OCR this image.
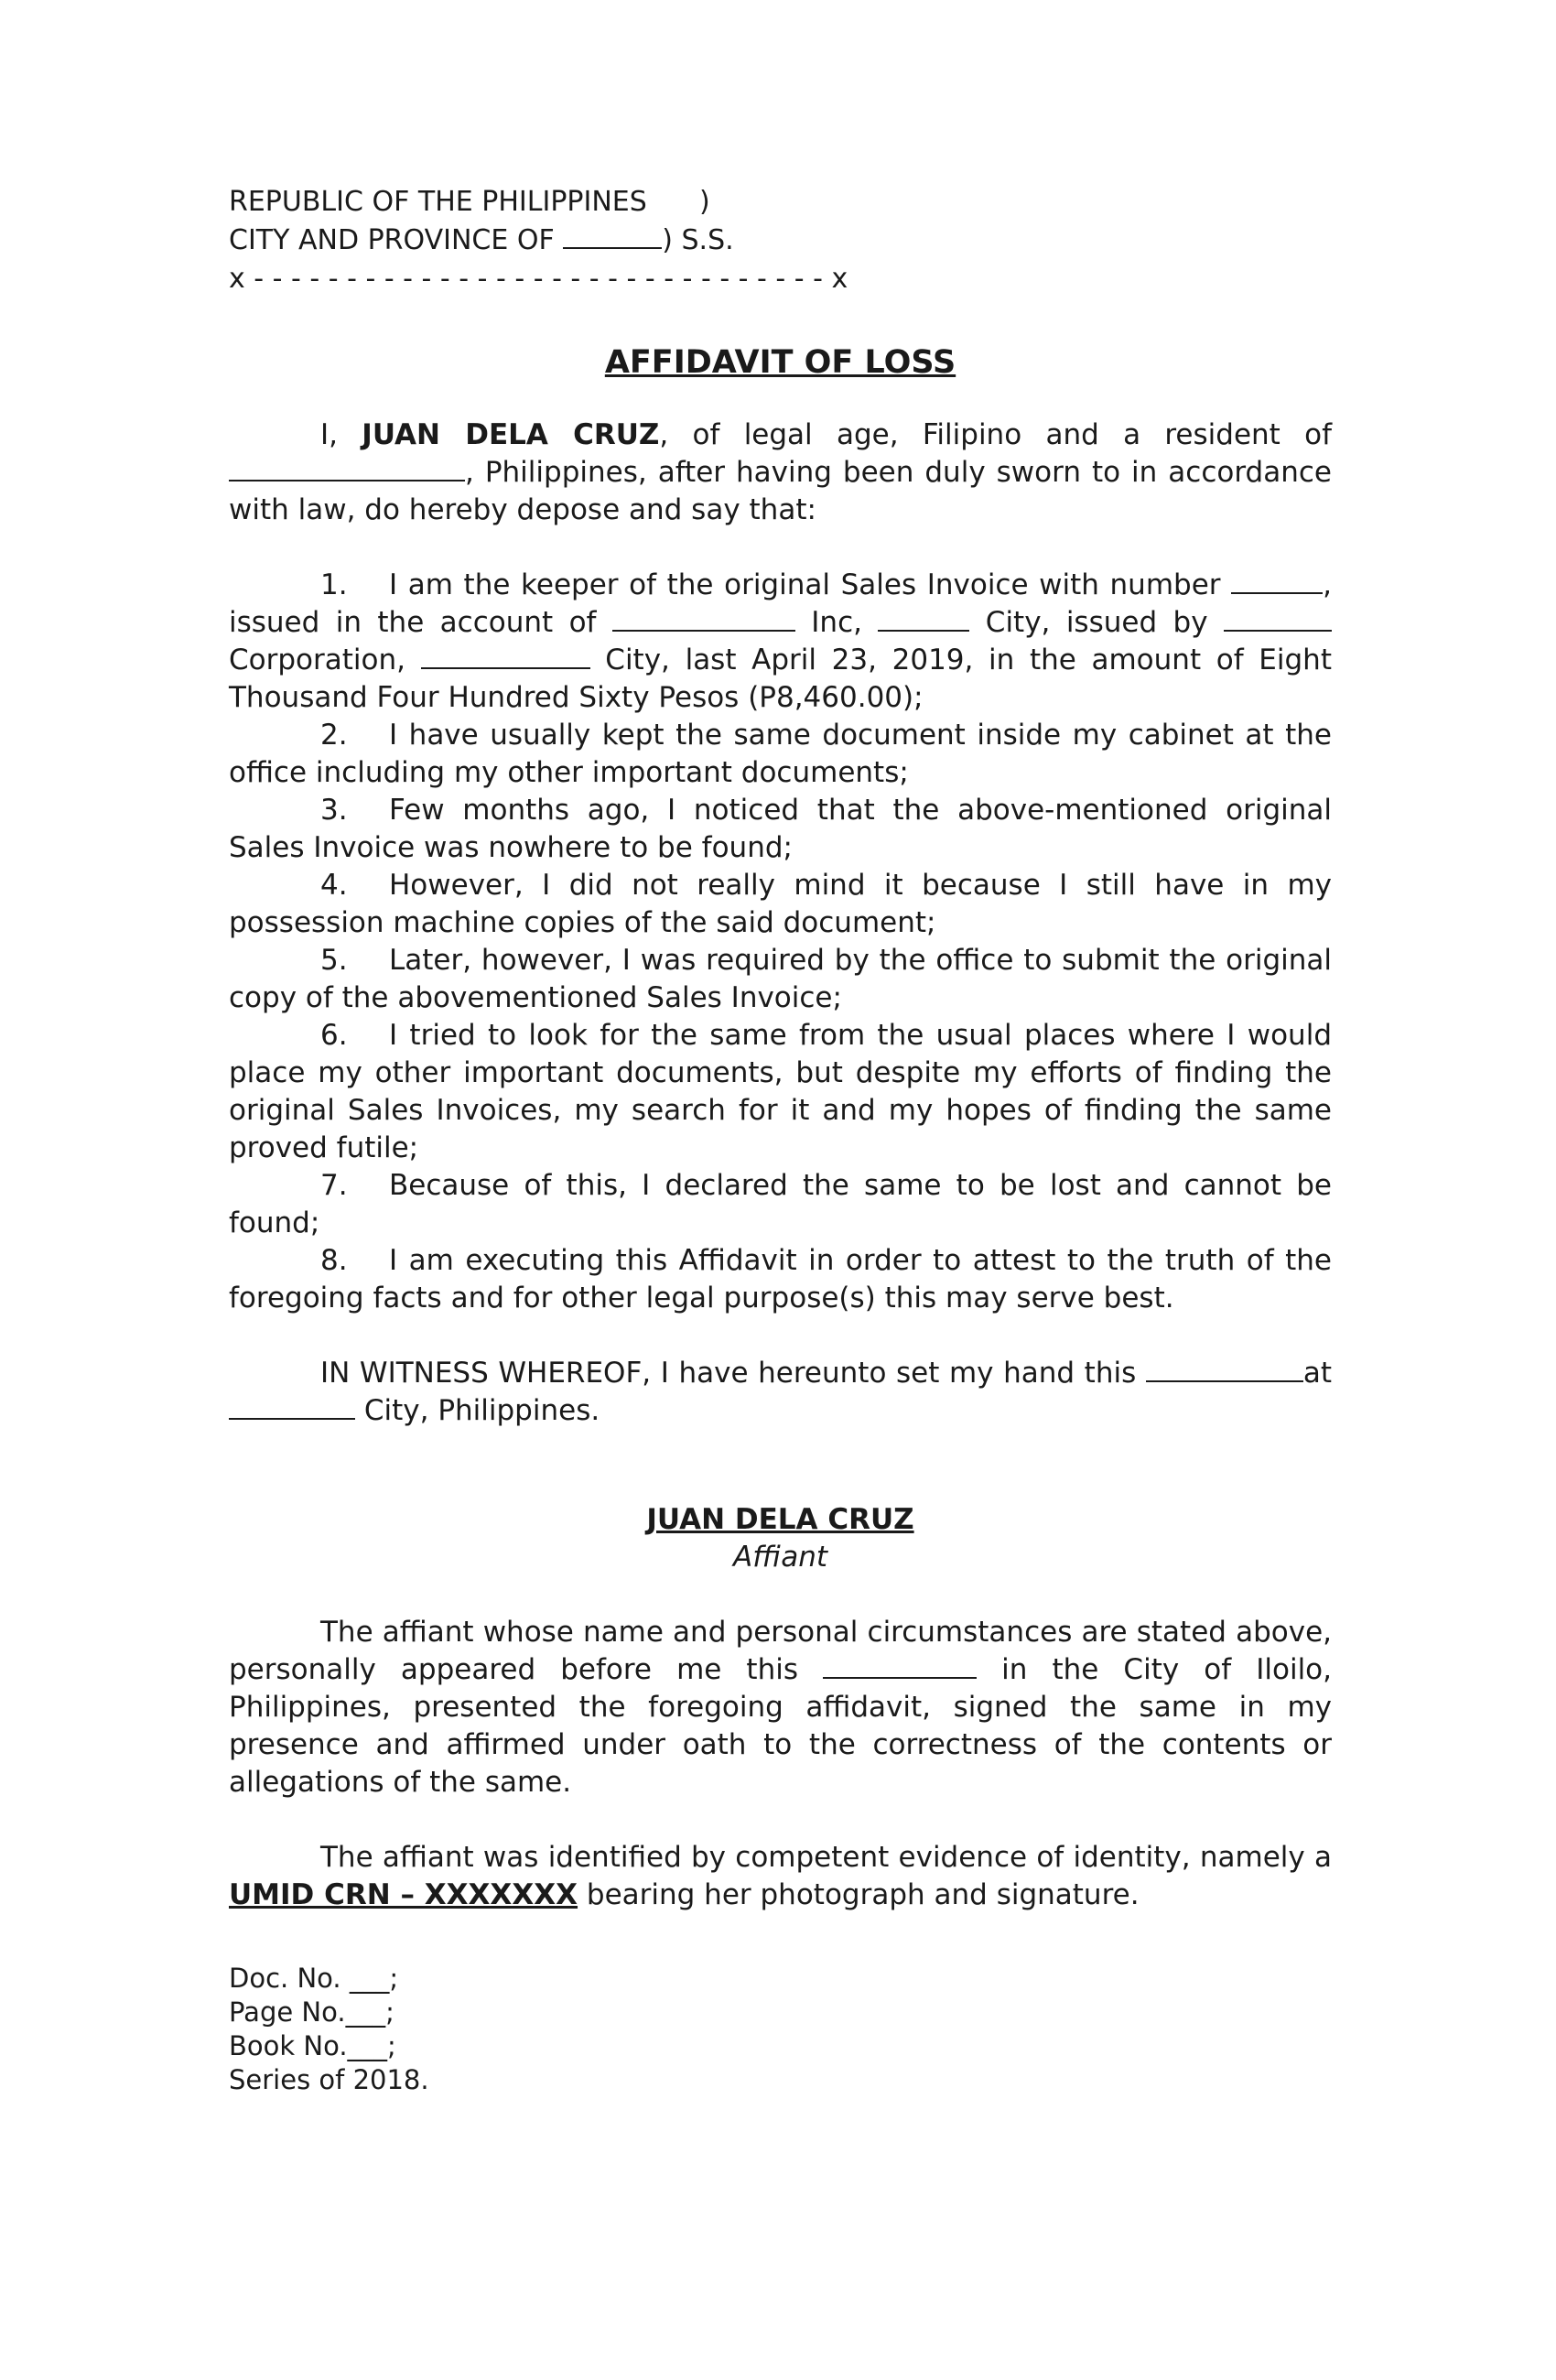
REPUBLIC OF THE PHILIPPINES      )
CITY AND PROVINCE OF	) S.S.
x - - - - - - - - - - - - - - - - - - - - - - - - - - - - - - - x
AFFIDAVIT OF LOSS

I, JUAN DELA CRUZ, of legal age, Filipino and a resident of , Philippines, after having been duly sworn to in accordance with law, do hereby depose and say that:

1. I am the keeper of the original Sales Invoice with number	, issued in the account of	Inc,	City, issued by  Corporation,	City, last April 23, 2019, in the amount of Eight Thousand Four Hundred Sixty Pesos (P8,460.00);

2. I have usually kept the same document inside my cabinet at the office including my other important documents;

3. Few months ago, I noticed that the above-mentioned original Sales Invoice was nowhere to be found;

4. However, I did not really mind it because I still have in my possession machine copies of the said document;

5. Later, however, I was required by the office to submit the original copy of the abovementioned Sales Invoice;

6. I tried to look for the same from the usual places where I would place my other important documents, but despite my efforts of finding the original Sales Invoices, my search for it and my hopes of finding the same proved futile;

7. Because of this, I declared the same to be lost and cannot be found;

8. I am executing this Affidavit in order to attest to the truth of the foregoing facts and for other legal purpose(s) this may serve best.

IN WITNESS WHEREOF, I have hereunto set my hand this	at  City, Philippines.

JUAN DELA CRUZ
Affiant

The affiant whose name and personal circumstances are stated above, personally appeared before me this	in the City of Iloilo, Philippines, presented the foregoing affidavit, signed the same in my presence and affirmed under oath to the correctness of the contents or allegations of the same.

The affiant was identified by competent evidence of identity, namely a UMID CRN – XXXXXXX bearing her photograph and signature.

Doc. No. ___;
Page No.___;
Book No.___;
Series of 2018.
